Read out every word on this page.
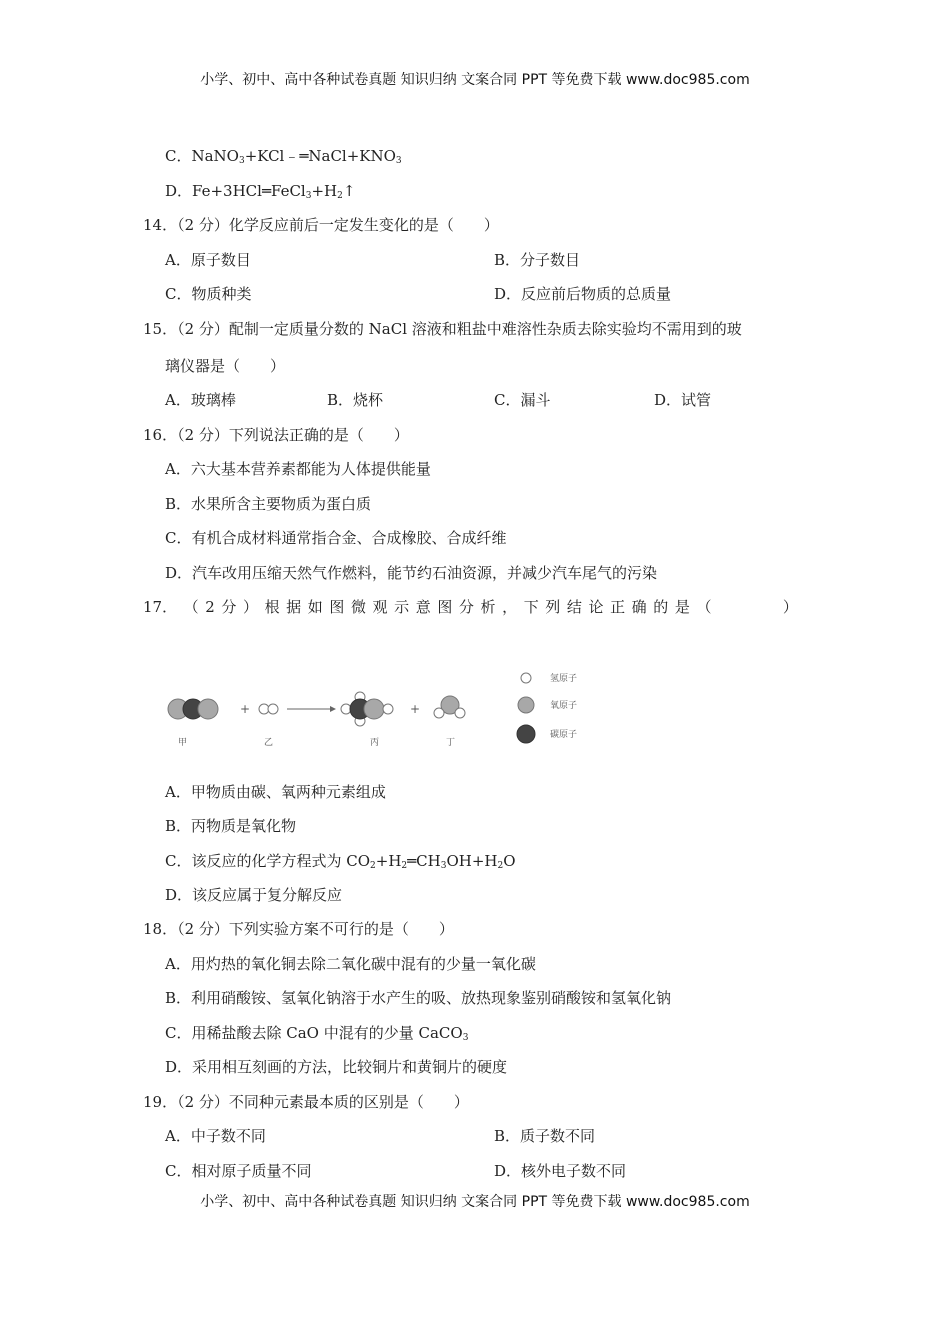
小学、初中、高中各种试卷真题 知识归纳 文案合同 PPT 等免费下载 www.doc985.com
C．$NaNO_3+KCl﹣═NaCl+KNO_3$
D．$Fe+3HCl═FeCl_3+H_2↑$
14．（2 分）化学反应前后一定发生变化的是（　　）
A．原子数目	B．分子数目
C．物质种类	D．反应前后物质的总质量
15．（2 分）配制一定质量分数的 NaCl 溶液和粗盐中难溶性杂质去除实验均不需用到的玻
璃仪器是（　　）
A．玻璃棒	B．烧杯	C．漏斗	D．试管
16．（2 分）下列说法正确的是（　　）
A．六大基本营养素都能为人体提供能量
B．水果所含主要物质为蛋白质
C．有机合成材料通常指合金、合成橡胶、合成纤维
D．汽车改用压缩天然气作燃料，能节约石油资源，并减少汽车尾气的污染
17． （ 2 分 ） 根 据 如 图 微 观 示 意 图 分 析 ， 下 列 结 论 正 确 的 是 （

　	）
+	+
甲	乙	丙	丁
氢原子
氧原子
碳原子
A．甲物质由碳、氧两种元素组成
B．丙物质是氧化物
C．该反应的化学方程式为 $CO_2+H_2═CH_3OH+H_2O$
D．该反应属于复分解反应
18．（2 分）下列实验方案不可行的是（　　）
A．用灼热的氧化铜去除二氧化碳中混有的少量一氧化碳
B．利用硝酸铵、氢氧化钠溶于水产生的吸、放热现象鉴别硝酸铵和氢氧化钠
C．用稀盐酸去除 CaO 中混有的少量 CaCO$_3$
D．采用相互刻画的方法，比较铜片和黄铜片的硬度
19．（2 分）不同种元素最本质的区别是（　　）
A．中子数不同	B．质子数不同
C．相对原子质量不同	D．核外电子数不同
小学、初中、高中各种试卷真题 知识归纳 文案合同 PPT 等免费下载 www.doc985.com
